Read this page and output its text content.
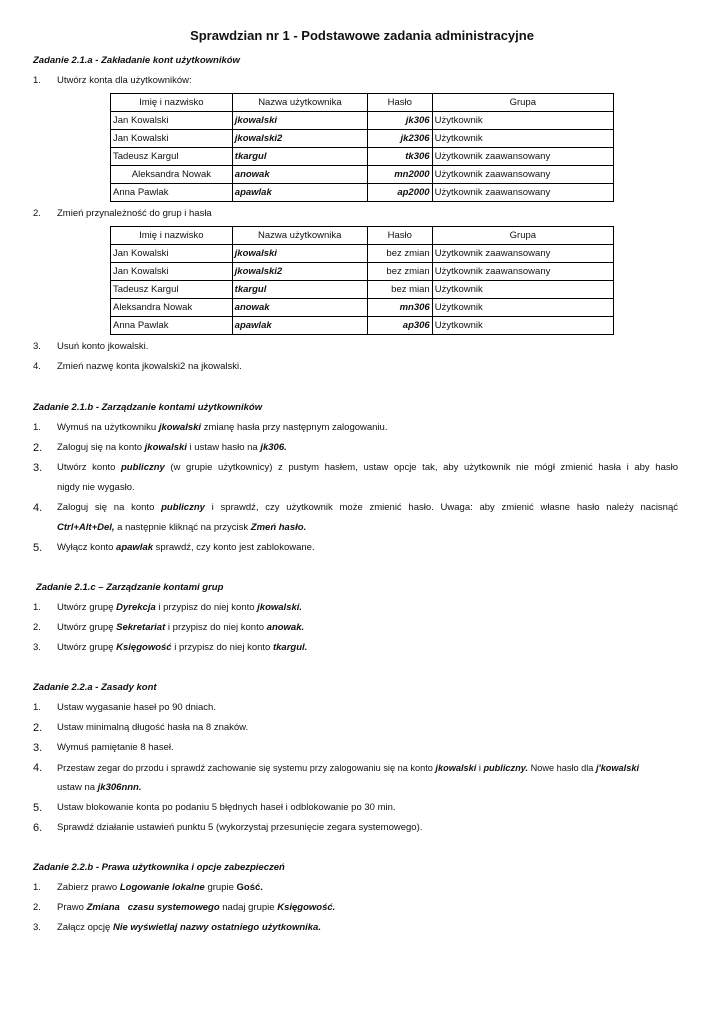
Sprawdzian nr 1 - Podstawowe zadania administracyjne
Zadanie 2.1.a - Zakładanie kont użytkowników
1. Utwórz konta dla użytkowników:
Imię i nazwisko	Nazwa użytkownika	Hasło	Grupa
Jan Kowalski	jkowalski	jk306	Użytkownik
Jan Kowalski	jkowalski2	jk2306	Użytkownik
Tadeusz Kargul	tkargul	tk306	Użytkownik zaawansowany
Aleksandra Nowak	anowak	mn2000	Użytkownik zaawansowany
Anna Pawlak	apawlak	ap2000	Użytkownik zaawansowany
2. Zmień przynależność do grup i hasła
Imię i nazwisko	Nazwa użytkownika	Hasło	Grupa
Jan Kowalski	jkowalski	bez zmian	Użytkownik zaawansowany
Jan Kowalski	jkowalski2	bez zmian	Użytkownik zaawansowany
Tadeusz Kargul	tkargul	bez mian	Użytkownik
Aleksandra Nowak	anowak	mn306	Użytkownik
Anna Pawlak	apawlak	ap306	Użytkownik
3. Usuń konto jkowalski.
4. Zmień nazwę konta jkowalski2 na jkowalski.
Zadanie 2.1.b - Zarządzanie kontami użytkowników
1. Wymuś na użytkowniku jkowalski zmianę hasła przy następnym zalogowaniu.
2. Zaloguj się na konto jkowalski i ustaw hasło na jk306.
3. Utwórz konto publiczny (w grupie użytkownicy) z pustym hasłem, ustaw opcje tak, aby użytkownik nie mógł zmienić hasła i aby hasło
nigdy nie wygasło.
4. Zaloguj się na konto publiczny i sprawdź, czy użytkownik może zmienić hasło. Uwaga: aby zmienić własne hasło należy nacisnąć
Ctrl+Alt+Del, a następnie kliknąć na przycisk Zmeń hasło.
5. Wyłącz konto apawlak sprawdź, czy konto jest zablokowane.
Zadanie 2.1.c – Zarządzanie kontami grup
1. Utwórz grupę Dyrekcja i przypisz do niej konto jkowalski.
2. Utwórz grupę Sekretariat i przypisz do niej konto anowak.
3. Utwórz grupę Księgowość i przypisz do niej konto tkargul.
Zadanie 2.2.a - Zasady kont
1. Ustaw wygasanie haseł po 90 dniach.
2. Ustaw minimalną długość hasła na 8 znaków.
3. Wymuś pamiętanie 8 haseł.
4. Przestaw zegar do przodu i sprawdź zachowanie się systemu przy zalogowaniu się na konto jkowalski i publiczny. Nowe hasło dla j'kowalski
ustaw na jk306nnn.
5. Ustaw blokowanie konta po podaniu 5 błędnych haseł i odblokowanie po 30 min.
6. Sprawdź działanie ustawień punktu 5 (wykorzystaj przesunięcie zegara systemowego).
Zadanie 2.2.b - Prawa użytkownika i opcje zabezpieczeń
1. Zabierz prawo Logowanie lokalne grupie Gość.
2. Prawo Zmiana   czasu systemowego nadaj grupie Księgowość.
3. Załącz opcję Nie wyświetlaj nazwy ostatniego użytkownika.
